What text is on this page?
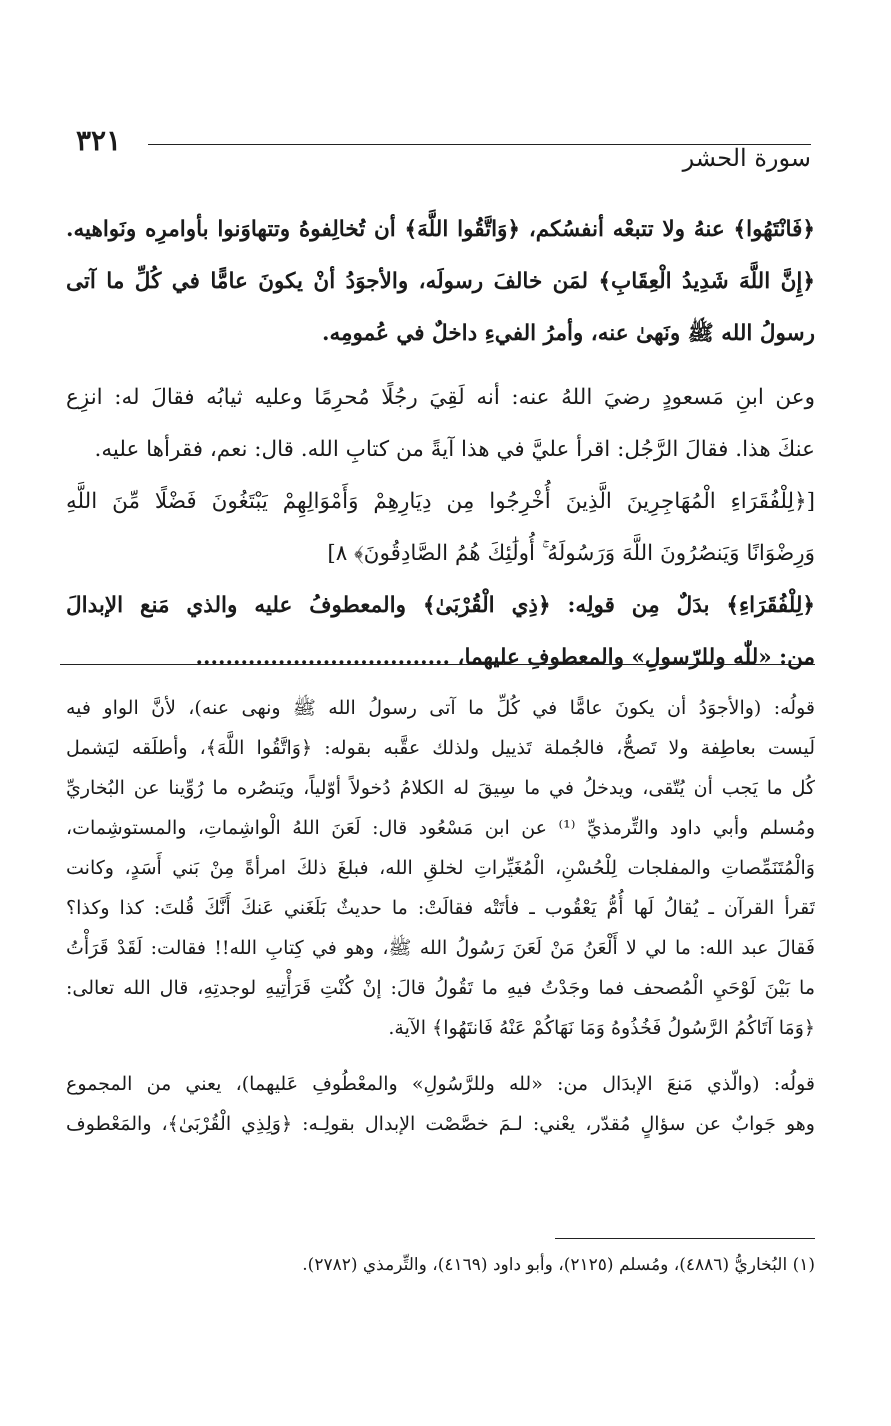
٣٢١
سورة الحشر
﴿فَانْتَهُوا﴾ عنهُ ولا تتبعْه أنفسُكم، ﴿وَاتَّقُوا اللَّهَ﴾ أن تُخالِفوهُ وتتهاوَنوا بأوامرِه ونَواهيه.
﴿إِنَّ اللَّهَ شَدِيدُ الْعِقَابِ﴾ لمَن خالفَ رسولَه، والأجوَدُ أنْ يكونَ عامًّا في كُلِّ ما آتى
رسولُ الله ﷺ ونَهىٰ عنه، وأمرُ الفيءِ داخلٌ في عُمومِه.
وعن ابنِ مَسعودٍ رضيَ اللهُ عنه: أنه لَقِيَ رجُلًا مُحرِمًا وعليه ثيابُه فقالَ له: انزِع
عنكَ هذا. فقالَ الرَّجُل: اقرأ عليَّ في هذا آيةً من كتابِ الله. قال: نعم، فقرأها عليه.
[﴿لِلْفُقَرَاءِ الْمُهَاجِرِينَ الَّذِينَ أُخْرِجُوا مِن دِيَارِهِمْ وَأَمْوَالِهِمْ يَبْتَغُونَ فَضْلًا مِّنَ اللَّهِ
وَرِضْوَانًا وَيَنصُرُونَ اللَّهَ وَرَسُولَهُ ۚ أُولَٰئِكَ هُمُ الصَّادِقُونَ﴾ ٨]
﴿لِلْفُقَرَاءِ﴾ بدَلٌ مِن قولِه: ﴿ذِي الْقُرْبَىٰ﴾ والمعطوفُ عليه والذي مَنع الإبدالَ
من: «للّٰه وللرّسولِ» والمعطوفِ عليهما، ..................................
قولُه: (والأجوَدُ أن يكونَ عامًّا في كُلِّ ما آتى رسولُ الله ﷺ ونهى عنه)، لأنَّ الواو فيه
لَيست بعاطِفة ولا تَصحُّ، فالجُملة تَذييل ولذلك عقَّبه بقوله: ﴿وَاتَّقُوا اللَّهَ﴾، وأطلَقه ليَشمل
كُل ما يَجب أن يُتّقى، ويدخلُ في ما سِيقَ له الكلامُ دُخولاً أوّلياً، ويَنصُره ما رُوِّينا عن البُخاريِّ
ومُسلم وأبي داود والتِّرمذيِّ ⁽¹⁾ عن ابن مَسْعُود قال: لَعَنَ اللهُ الْواشِماتِ، والمستوشِمات،
وَالْمُتَنَمِّصاتِ والمفلجات لِلْحُسْنِ، الْمُغَيِّراتِ لخلقِ الله، فبلغَ ذلكَ امرأةً مِنْ بَني أَسَدٍ، وكانت
تَقرأ القرآن ـ يُقالُ لَها أُمُّ يَعْقُوب ـ فأتَتْه فقالَتْ: ما حديثٌ بَلَغَني عَنكَ أَنَّكَ قُلتَ: كذا وكذا؟
فَقالَ عبد الله: ما لي لا أَلْعَنُ مَنْ لَعَنَ رَسُولُ الله ﷺ، وهو في كِتابِ الله!! فقالت: لَقَدْ قَرَأْتُ
ما بَيْنَ لَوْحَيِ الْمُصحف فما وجَدْتُ فيهِ ما تَقُولُ قالَ: إنْ كُنْتِ قَرَأْتِيهِ لوجدتِهِ، قال الله تعالى:
﴿وَمَا آتَاكُمُ الرَّسُولُ فَخُذُوهُ وَمَا نَهَاكُمْ عَنْهُ فَانتَهُوا﴾ الآية.
قولُه: (والّذي مَنعَ الإبدَال من: «لله وللرَّسُولِ» والمعْطُوفِ عَليهما)، يعني من المجموع
وهو جَوابٌ عن سؤالٍ مُقدّر، يعْني: لـمَ خصَّصْت الإبدال بقولِـه: ﴿وَلِذِي الْقُرْبَىٰ﴾، والمَعْطوف
(١) البُخاريُّ (٤٨٨٦)، ومُسلم (٢١٢٥)، وأبو داود (٤١٦٩)، والتِّرمذي (٢٧٨٢).
